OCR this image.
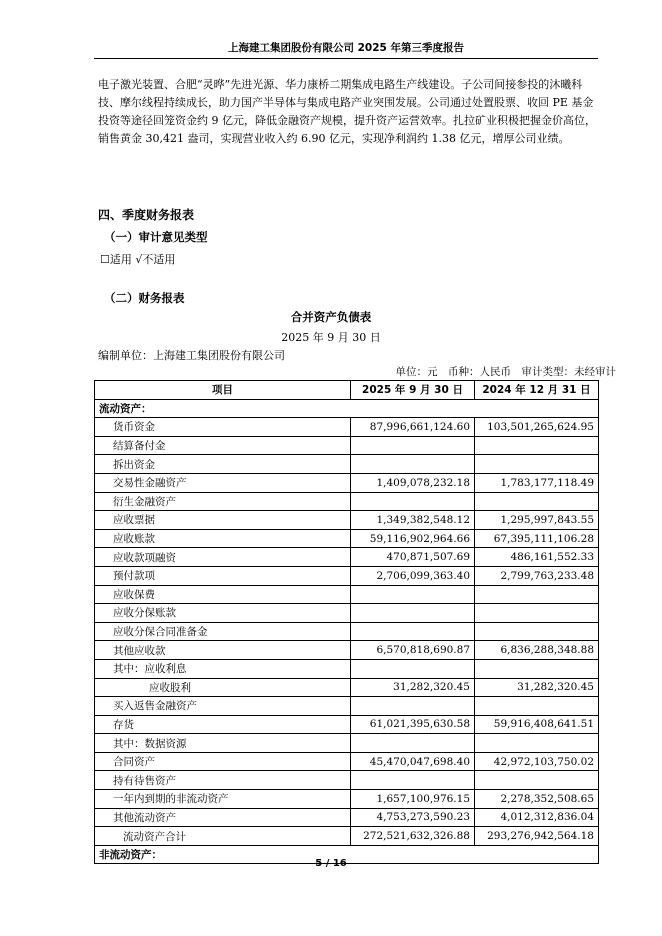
上海建工集团股份有限公司 2025 年第三季度报告

电子激光装置、合肥“灵晔”先进光源、华力康桥二期集成电路生产线建设。子公司间接参投的沐曦科技、摩尔线程持续成长，助力国产半导体与集成电路产业突围发展。公司通过处置股票、收回 PE 基金投资等途径回笼资金约 9 亿元，降低金融资产规模，提升资产运营效率。扎拉矿业积极把握金价高位，销售黄金 30,421 盎司，实现营业收入约 6.90 亿元，实现净利润约 1.38 亿元，增厚公司业绩。

四、季度财务报表
（一）审计意见类型
☐适用 √不适用
（二）财务报表
合并资产负债表
2025 年 9 月 30 日
编制单位：上海建工集团股份有限公司
单位：元　币种：人民币　审计类型：未经审计
项目	2025 年 9 月 30 日	2024 年 12 月 31 日
流动资产：		
货币资金	87,996,661,124.60	103,501,265,624.95
结算备付金		
拆出资金		
交易性金融资产	1,409,078,232.18	1,783,177,118.49
衍生金融资产		
应收票据	1,349,382,548.12	1,295,997,843.55
应收账款	59,116,902,964.66	67,395,111,106.28
应收款项融资	470,871,507.69	486,161,552.33
预付款项	2,706,099,363.40	2,799,763,233.48
应收保费		
应收分保账款		
应收分保合同准备金		
其他应收款	6,570,818,690.87	6,836,288,348.88
其中：应收利息		
应收股利	31,282,320.45	31,282,320.45
买入返售金融资产		
存货	61,021,395,630.58	59,916,408,641.51
其中：数据资源		
合同资产	45,470,047,698.40	42,972,103,750.02
持有待售资产		
一年内到期的非流动资产	1,657,100,976.15	2,278,352,508.65
其他流动资产	4,753,273,590.23	4,012,312,836.04
流动资产合计	272,521,632,326.88	293,276,942,564.18
非流动资产：		
5 / 16
